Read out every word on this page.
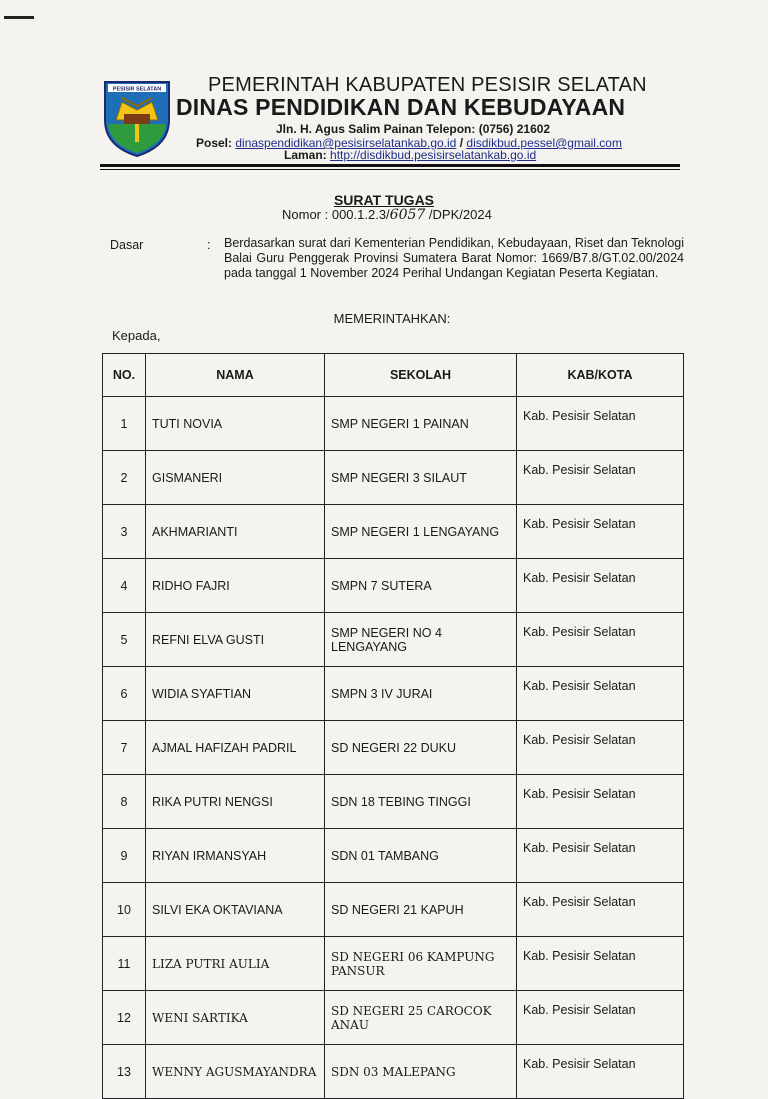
PESISIR SELATAN PEMERINTAH KABUPATEN PESISIR SELATAN
DINAS PENDIDIKAN DAN KEBUDAYAAN
Jln. H. Agus Salim Painan Telepon: (0756) 21602
Posel: dinaspendidikan@pesisirselatankab.go.id / disdikbud.pessel@gmail.com
Laman: http://disdikbud.pesisirselatankab.go.id
SURAT TUGAS
Nomor : 000.1.2.3/6057 /DPK/2024
Dasar	: Berdasarkan surat dari Kementerian Pendidikan, Kebudayaan, Riset dan Teknologi Balai Guru Penggerak Provinsi Sumatera Barat Nomor: 1669/B7.8/GT.02.00/2024 pada tanggal 1 November 2024 Perihal Undangan Kegiatan Peserta Kegiatan.
MEMERINTAHKAN:
Kepada,
NO.	NAMA	SEKOLAH	KAB/KOTA
1	TUTI NOVIA	SMP NEGERI 1 PAINAN	Kab. Pesisir Selatan
2	GISMANERI	SMP NEGERI 3 SILAUT	Kab. Pesisir Selatan
3	AKHMARIANTI	SMP NEGERI 1 LENGAYANG	Kab. Pesisir Selatan
4	RIDHO FAJRI	SMPN 7 SUTERA	Kab. Pesisir Selatan
5	REFNI ELVA GUSTI	SMP NEGERI NO 4 LENGAYANG	Kab. Pesisir Selatan
6	WIDIA SYAFTIAN	SMPN 3 IV JURAI	Kab. Pesisir Selatan
7	AJMAL HAFIZAH PADRIL	SD NEGERI 22 DUKU	Kab. Pesisir Selatan
8	RIKA PUTRI NENGSI	SDN 18 TEBING TINGGI	Kab. Pesisir Selatan
9	RIYAN IRMANSYAH	SDN 01 TAMBANG	Kab. Pesisir Selatan
10	SILVI EKA OKTAVIANA	SD NEGERI 21 KAPUH	Kab. Pesisir Selatan
11	LIZA PUTRI AULIA	SD NEGERI 06 KAMPUNG PANSUR	Kab. Pesisir Selatan
12	WENI SARTIKA	SD NEGERI 25 CAROCOK ANAU	Kab. Pesisir Selatan
13	WENNY AGUSMAYANDRA	SDN 03 MALEPANG	Kab. Pesisir Selatan
